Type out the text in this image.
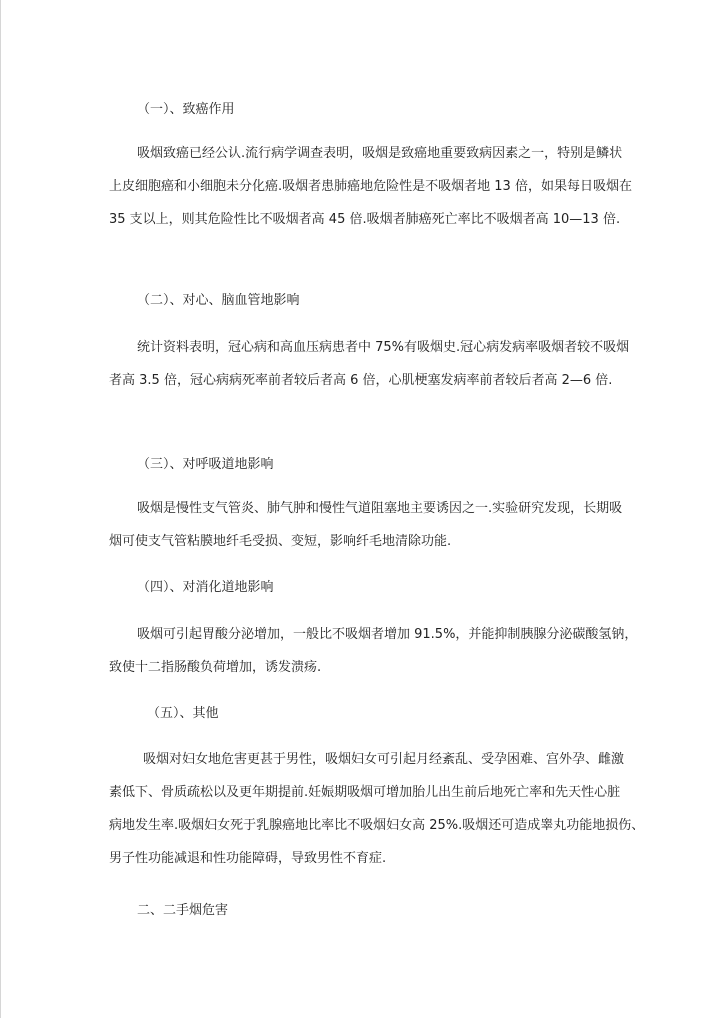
（一）、致癌作用
吸烟致癌已经公认.流行病学调查表明，吸烟是致癌地重要致病因素之一，特别是鳞状
上皮细胞癌和小细胞未分化癌.吸烟者患肺癌地危险性是不吸烟者地 13 倍，如果每日吸烟在
35 支以上，则其危险性比不吸烟者高 45 倍.吸烟者肺癌死亡率比不吸烟者高 10—13 倍.
（二）、对心、脑血管地影响
统计资料表明，冠心病和高血压病患者中 75%有吸烟史.冠心病发病率吸烟者较不吸烟
者高 3.5 倍，冠心病病死率前者较后者高 6 倍，心肌梗塞发病率前者较后者高 2—6 倍.
（三）、对呼吸道地影响
吸烟是慢性支气管炎、肺气肿和慢性气道阻塞地主要诱因之一.实验研究发现，长期吸
烟可使支气管粘膜地纤毛受损、变短，影响纤毛地清除功能.
（四）、对消化道地影响
吸烟可引起胃酸分泌增加，一般比不吸烟者增加 91.5%，并能抑制胰腺分泌碳酸氢钠，
致使十二指肠酸负荷增加，诱发溃疡.
（五）、其他
吸烟对妇女地危害更甚于男性，吸烟妇女可引起月经紊乱、受孕困难、宫外孕、雌激
素低下、骨质疏松以及更年期提前.妊娠期吸烟可增加胎儿出生前后地死亡率和先天性心脏
病地发生率.吸烟妇女死于乳腺癌地比率比不吸烟妇女高 25%.吸烟还可造成睾丸功能地损伤、
男子性功能减退和性功能障碍，导致男性不育症.
二、二手烟危害
